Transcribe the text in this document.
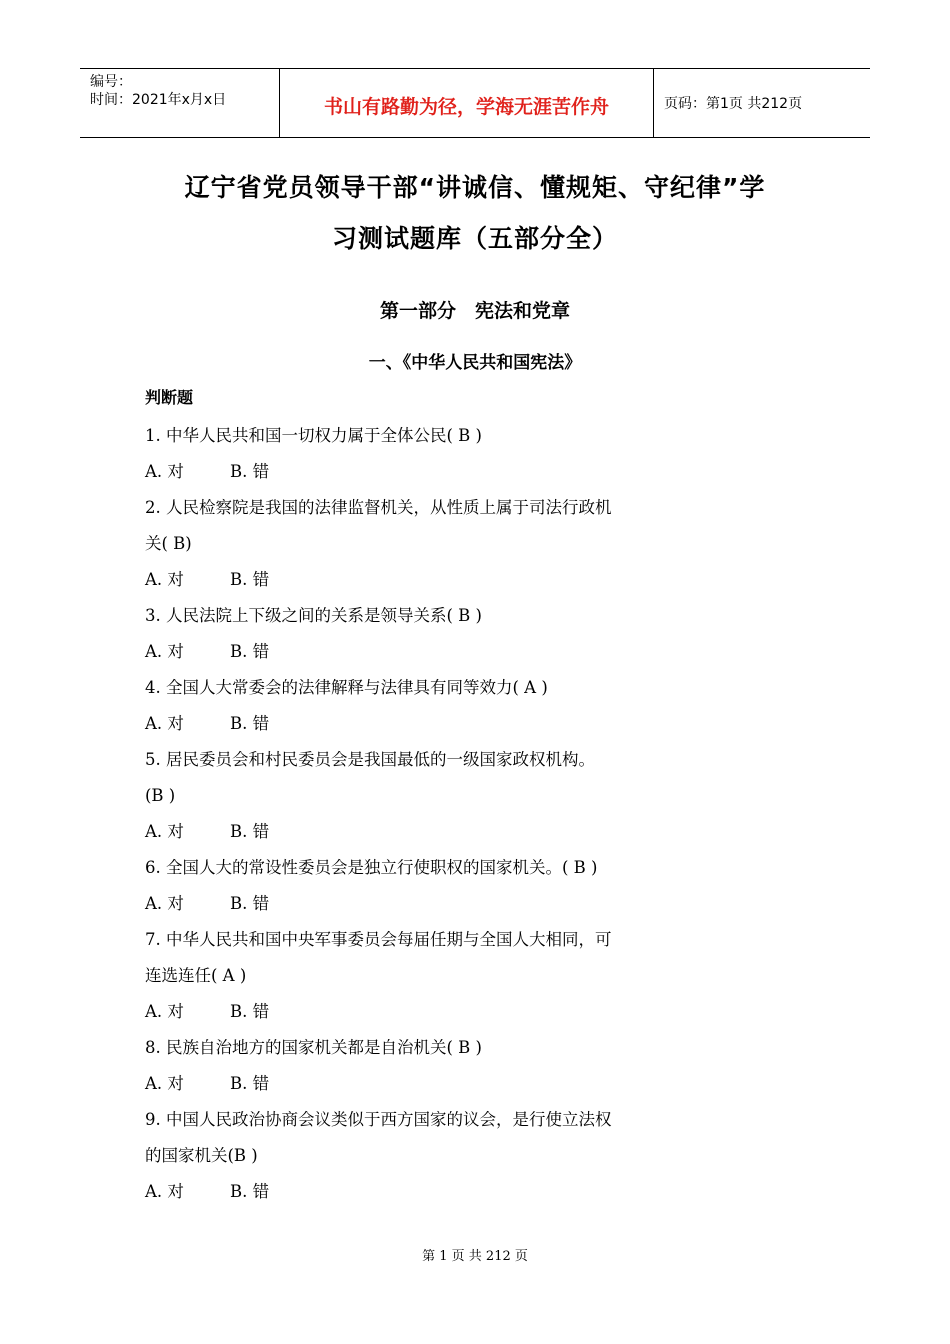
编号：
时间：2021年x月x日	书山有路勤为径，学海无涯苦作舟	页码：第1页 共212页
辽宁省党员领导干部“讲诚信、懂规矩、守纪律”学
习测试题库（五部分全）
第一部分　宪法和党章
一、《中华人民共和国宪法》
判断题
1. 中华人民共和国一切权力属于全体公民( B )
A. 对	B. 错
2. 人民检察院是我国的法律监督机关，从性质上属于司法行政机
关( B)
A. 对	B. 错
3. 人民法院上下级之间的关系是领导关系( B )
A. 对	B. 错
4. 全国人大常委会的法律解释与法律具有同等效力( A )
A. 对	B. 错
5. 居民委员会和村民委员会是我国最低的一级国家政权机构。
(B )
A. 对	B. 错
6. 全国人大的常设性委员会是独立行使职权的国家机关。( B )
A. 对	B. 错
7. 中华人民共和国中央军事委员会每届任期与全国人大相同，可
连选连任( A )
A. 对	B. 错
8. 民族自治地方的国家机关都是自治机关( B )
A. 对	B. 错
9. 中国人民政治协商会议类似于西方国家的议会，是行使立法权
的国家机关(B )
A. 对	B. 错
第 1 页 共 212 页
